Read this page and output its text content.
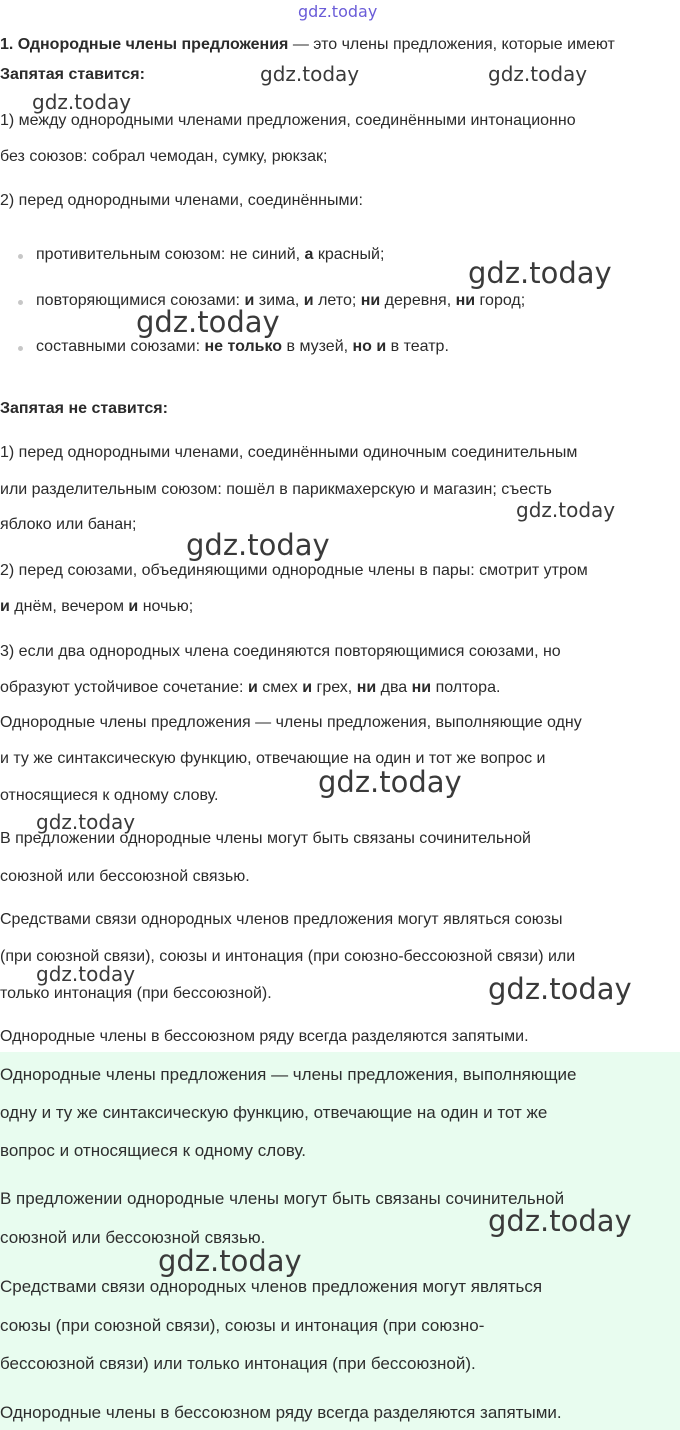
gdz.today
gdz.today	gdz.today
gdz.today
gdz.today
gdz.today
gdz.today
gdz.today
gdz.today
gdz.today
gdz.today	gdz.today
gdz.today
gdz.today
1. Однородные члены предложения — это члены предложения, которые имеют
Запятая ставится:
1) между однородными членами предложения, соединёнными интонационно
без союзов: собрал чемодан, сумку, рюкзак;
2) перед однородными членами, соединёнными:
противительным союзом: не синий, а красный;
повторяющимися союзами: и зима, и лето; ни деревня, ни город;
составными союзами: не только в музей, но и в театр.
Запятая не ставится:
1) перед однородными членами, соединёнными одиночным соединительным
или разделительным союзом: пошёл в парикмахерскую и магазин; съесть
яблоко или банан;
2) перед союзами, объединяющими однородные члены в пары: смотрит утром
и днём, вечером и ночью;
3) если два однородных члена соединяются повторяющимися союзами, но
образуют устойчивое сочетание: и смех и грех, ни два ни полтора.
Однородные члены предложения — члены предложения, выполняющие одну
и ту же синтаксическую функцию, отвечающие на один и тот же вопрос и
относящиеся к одному слову.
В предложении однородные члены могут быть связаны сочинительной
союзной или бессоюзной связью.
Средствами связи однородных членов предложения могут являться союзы
(при союзной связи), союзы и интонация (при союзно-бессоюзной связи) или
только интонация (при бессоюзной).
Однородные члены в бессоюзном ряду всегда разделяются запятыми.
Однородные члены предложения — члены предложения, выполняющие
одну и ту же синтаксическую функцию, отвечающие на один и тот же
вопрос и относящиеся к одному слову.
В предложении однородные члены могут быть связаны сочинительной
союзной или бессоюзной связью.
Средствами связи однородных членов предложения могут являться
союзы (при союзной связи), союзы и интонация (при союзно-
бессоюзной связи) или только интонация (при бессоюзной).
Однородные члены в бессоюзном ряду всегда разделяются запятыми.
